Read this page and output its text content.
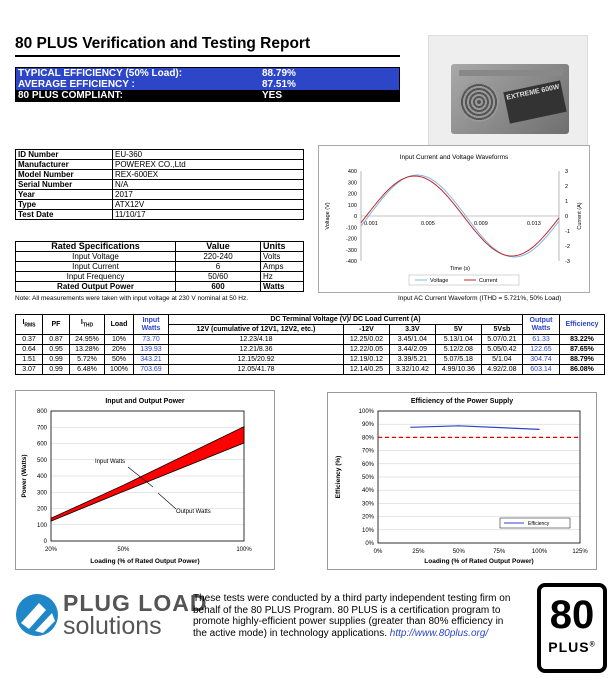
80 PLUS Verification and Testing Report
TYPICAL EFFICIENCY (50% Load):	88.79%
AVERAGE EFFICIENCY :	87.51%
80 PLUS COMPLIANT:	YES	EXTREME 600W
ID Number	EU-360
Manufacturer	POWEREX CO.,Ltd
Model Number	REX-600EX
Serial Number	N/A
Year	2017
Type	ATX12V
Test Date	11/10/17
Rated Specifications	Value	Units
Input Voltage	220-240	Volts
Input Current	6	Amps
Input Frequency	50/60	Hz
Rated Output Power	600	Watts
Note: All measurements were taken with input voltage at 230 V nominal at 50 Hz.
Input Current and Voltage Waveforms
400
300
200
100
0
-100
-200
-300
-400
3
2
1
0
-1
-2
-3
0.001	0.005	0.009	0.013
Voltage (V)	Current (A)
Time (s)
Voltage	Current
Input AC Current Waveform (ITHD = 5.721%, 50% Load)
$I_{RMS}$	PF	$I_{THD}$	Load	Input Watts	DC Terminal Voltage (V)/ DC Load Current (A)					Output Watts	Efficiency
					12V (cumulative of 12V1, 12V2, etc.)	-12V	3.3V	5V	5Vsb		
0.37	0.87	24.95%	10%	73.70	12.23/4.18	12.25/0.02	3.45/1.04	5.13/1.04	5.07/0.21	61.33	83.22%
0.64	0.95	13.28%	20%	139.93	12.21/8.36	12.22/0.05	3.44/2.09	5.12/2.08	5.05/0.42	122.65	87.65%
1.51	0.99	5.72%	50%	343.21	12.15/20.92	12.19/0.12	3.39/5.21	5.07/5.18	5/1.04	304.74	88.79%
3.07	0.99	6.48%	100%	703.69	12.05/41.78	12.14/0.25	3.32/10.42	4.99/10.36	4.92/2.08	603.14	86.08%
Input and Output Power
0
100
200
300
400
500
600
700
800
20%	50%	100%
Input Watts
Output Watts
Loading (% of Rated Output Power)
Power (Watts)
Efficiency of the Power Supply
0%
10%
20%
30%
40%
50%
60%
70%
80%
90%
100%
0%	25%	50%	75%	100%	125%
Efficiency
Loading (% of Rated Output Power)
Efficiency (%)
PLUG LOAD
solutions
These tests were conducted by a third party independent testing firm on behalf of the 80 PLUS Program. 80 PLUS is a certification program to promote highly-efficient power supplies (greater than 80% efficiency in the active mode) in technology applications. http://www.80plus.org/	80
PLUS®
